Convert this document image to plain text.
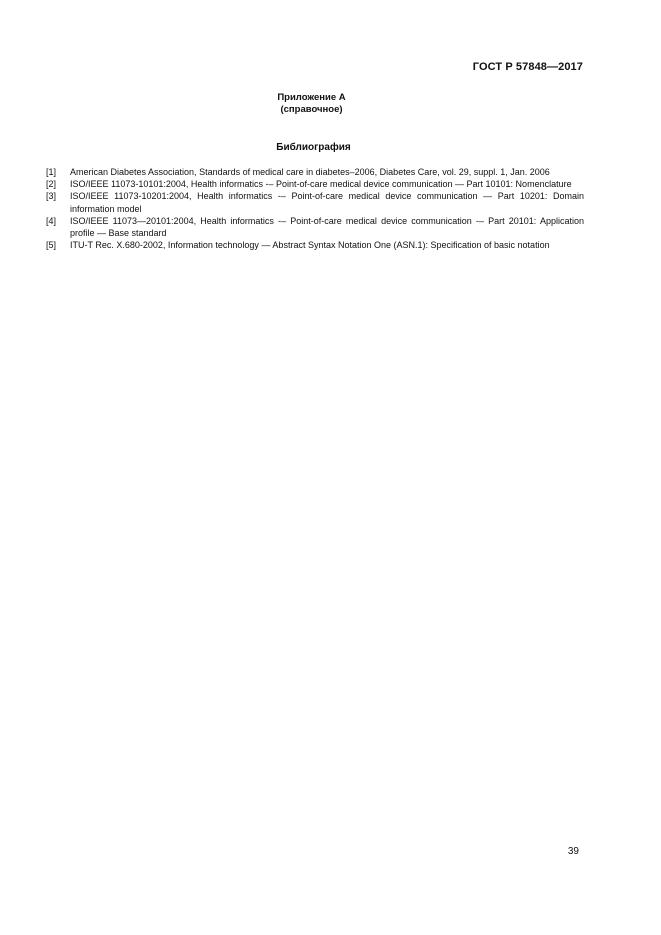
ГОСТ Р 57848—2017
Приложение А
(справочное)
Библиография
[1]	American Diabetes Association, Standards of medical care in diabetes–2006, Diabetes Care, vol. 29, suppl. 1, Jan. 2006
[2]	ISO/IEEE 11073-10101:2004, Health informatics -– Point-of-care medical device communication — Part 10101: Nomenclature
[3]	ISO/IEEE 11073-10201:2004, Health informatics -– Point-of-care medical device communication — Part 10201: Domain information model
[4]	ISO/IEEE 11073—20101:2004, Health informatics -– Point-of-care medical device communication -– Part 20101: Application profile — Base standard
[5]	ITU-T Rec. X.680-2002, Information technology — Abstract Syntax Notation One (ASN.1): Specification of basic notation
39
